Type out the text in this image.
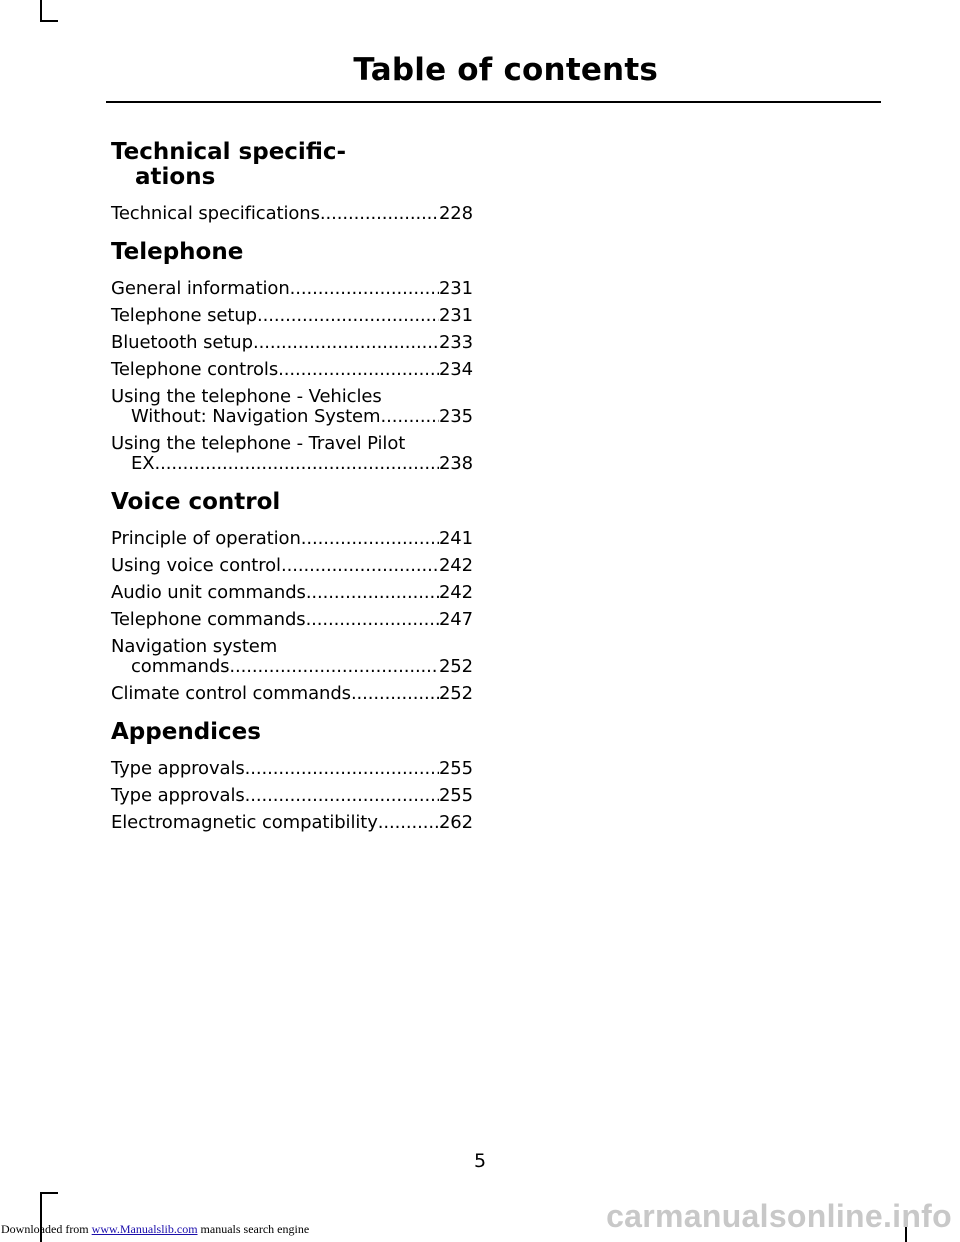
Table of contents
Technical specific-
ations
Technical specifications .....	228
Telephone
General information .....	231
Telephone setup .....	231
Bluetooth setup .....	233
Telephone controls .....	234
Using the telephone - Vehicles
Without: Navigation System .....	235
Using the telephone - Travel Pilot
EX .....	238
Voice control
Principle of operation .....	241
Using voice control .....	242
Audio unit commands .....	242
Telephone commands .....	247
Navigation system
commands .....	252
Climate control commands .....	252
Appendices
Type approvals .....	255
Type approvals .....	255
Electromagnetic compatibility .....	262
5
Downloaded from www.Manualslib.com manuals search engine	carmanualsonline.info
